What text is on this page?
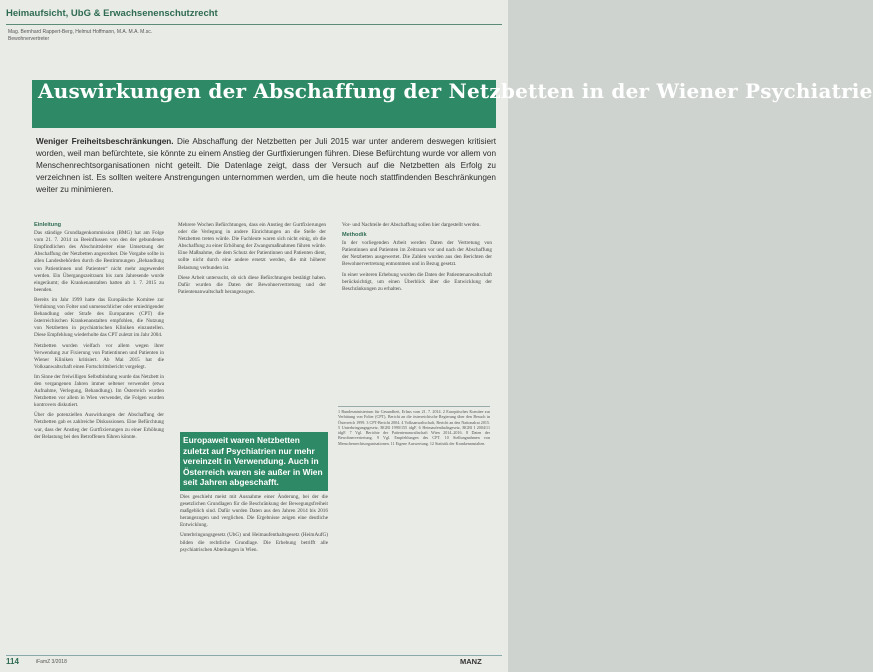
Heimaufsicht, UbG & Erwachsenenschutzrecht
Mag. Bernhard Rappert-Berg, Helmut Hoffmann, M.A. M.A. M.sc.
Bewohnervertreter
Auswirkungen der Abschaffung der Netzbetten in der Wiener Psychiatrie
Weniger Freiheitsbeschränkungen. Die Abschaffung der Netzbetten per Juli 2015 war unter anderem deswegen kritisiert worden, weil man befürchtete, sie könnte zu einem Anstieg der Gurtfixierungen führen. Diese Befürchtung wurde vor allem von Menschenrechtsorganisationen nicht geteilt. Die Datenlage zeigt, dass der Versuch auf die Netzbetten als Erfolg zu verzeichnen ist. Es sollten weitere Anstrengungen unternommen werden, um die heute noch stattfindenden Beschränkungen weiter zu minimieren.
Einleitung

Das ständige Grundlagenkommission (BMG) hat am Folge vom 21. 7. 2014 zu Beeinflussen von den der gebundenen Empfindlichen des Abschnittsleiter eine Umsetzung der Abschaffung der Netzbetten angeordnet. Die Vorgabe sollte in allen Landesbehörden durch die Bestimmungen „Behandlung von Patientinnen und Patienten“ nicht mehr angewendet werden. Ein Übergangszeitraum bis zum Jahresende wurde eingeräumt; die Krankenanstalten hatten ab 1. 7. 2015 zu beenden.

Bereits im Jahr 1999 hatte das Europäische Komitee zur Verhütung von Folter und unmenschlicher oder erniedrigender Behandlung oder Strafe des Europarates (CPT) die österreichischen Krankenanstalten empfohlen, die Nutzung von Netzbetten in psychiatrischen Kliniken einzustellen. Diese Empfehlung wiederholte das CPT zuletzt im Jahr 2004.

Netzbetten wurden vielfach vor allem wegen ihrer Verwendung zur Fixierung von Patientinnen und Patienten in Wiener Kliniken kritisiert. Ab Mai 2015 hat die Volksanwaltschaft einen Fortschrittsbericht vorgelegt.

Im Sinne der freiwilligen Selbstbindung wurde das Netzbett in den vergangenen Jahren immer seltener verwendet (etwa Aufnahme, Verlegung, Behandlung). Im Österreich wurden Netzbetten vor allem in Wien verwendet, die Folgen wurden kontrovers diskutiert.

Über die potenziellen Auswirkungen der Abschaffung der Netzbetten gab es zahlreiche Diskussionen. Eine Befürchtung war, dass der Anstieg der Gurtfixierungen zu einer Erhöhung der Belastung bei den Betroffenen führen könnte.

Mehrere Wochen Befürchtungen, dass ein Anstieg der Gurtfixierungen oder die Verlegung in andere Einrichtungen an die Stelle der Netzbetten treten würde. Die Fachleute waren sich nicht einig, ob die Abschaffung zu einer Erhöhung der Zwangsmaßnahmen führen würde. Eine Maßnahme, die dem Schutz der Patientinnen und Patienten dient, sollte nicht durch eine andere ersetzt werden, die mit höherer Belastung verbunden ist.

Diese Arbeit untersucht, ob sich diese Befürchtungen bestätigt haben. Dafür wurden die Daten der Bewohnervertretung und der Patientenanwaltschaft herangezogen.

Europaweit waren Netzbetten zuletzt auf Psychiatrien nur mehr vereinzelt in Verwendung. Auch in Österreich waren sie außer in Wien seit Jahren abgeschafft.

Dies geschieht meist mit Ausnahme einer Änderung, bei der die gesetzlichen Grundlagen für die Beschränkung der Bewegungsfreiheit maßgeblich sind. Dafür wurden Daten aus den Jahren 2014 bis 2016 herangezogen und verglichen. Die Ergebnisse zeigen eine deutliche Entwicklung.

Unterbringungsgesetz (UbG) und Heimaufenthaltsgesetz (HeimAufG) bilden die rechtliche Grundlage. Die Erhebung betrifft alle psychiatrischen Abteilungen in Wien.

Vor- und Nachteile der Abschaffung sollen hier dargestellt werden.

Methodik

In der vorliegenden Arbeit werden Daten der Vertretung von Patientinnen und Patienten im Zeitraum vor und nach der Abschaffung der Netzbetten ausgewertet. Die Zahlen wurden aus den Berichten der Bewohnervertretung entnommen und in Bezug gesetzt.

In einer weiteren Erhebung wurden die Daten der Patientenanwaltschaft berücksichtigt, um einen Überblick über die Entwicklung der Beschränkungen zu erhalten.

1 Bundesministerium für Gesundheit, Erlass vom 21. 7. 2014. 2 Europäisches Komitee zur Verhütung von Folter (CPT), Bericht an die österreichische Regierung über den Besuch in Österreich 1999. 3 CPT-Bericht 2004. 4 Volksanwaltschaft, Bericht an den Nationalrat 2015. 5 Unterbringungsgesetz, BGBl 1990/155 idgF. 6 Heimaufenthaltsgesetz, BGBl I 2004/11 idgF. 7 Vgl. Berichte der Patientenanwaltschaft Wien 2014–2016. 8 Daten der Bewohnervertretung. 9 Vgl. Empfehlungen des CPT. 10 Stellungnahmen von Menschenrechtsorganisationen. 11 Eigene Auswertung. 12 Statistik der Krankenanstalten.
114	iFamZ 3/2018	MANZ
